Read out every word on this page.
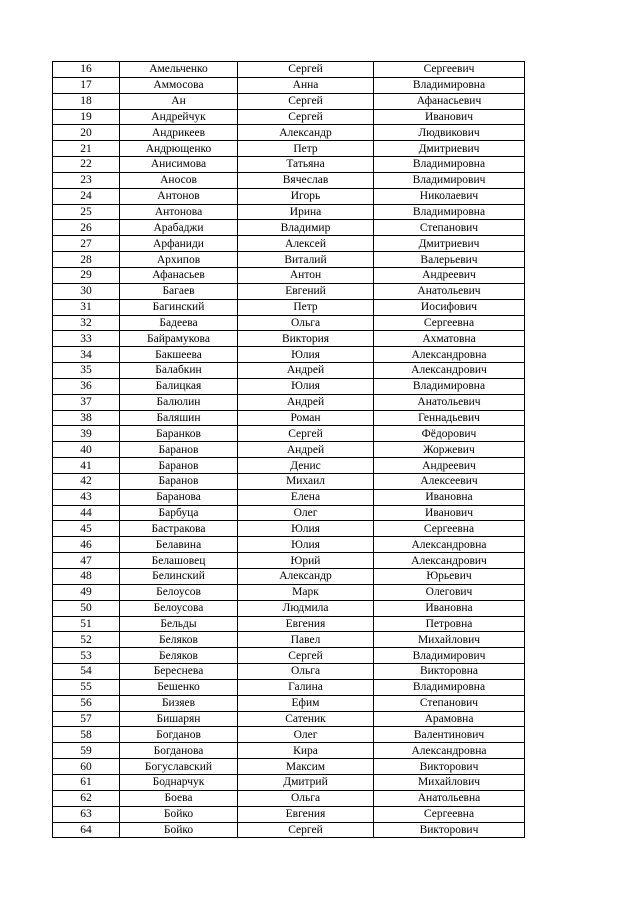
16	Амельченко	Сергей	Сергеевич
17	Аммосова	Анна	Владимировна
18	Ан	Сергей	Афанасьевич
19	Андрейчук	Сергей	Иванович
20	Андрикеев	Александр	Людвикович
21	Андрющенко	Петр	Дмитриевич
22	Анисимова	Татьяна	Владимировна
23	Аносов	Вячеслав	Владимирович
24	Антонов	Игорь	Николаевич
25	Антонова	Ирина	Владимировна
26	Арабаджи	Владимир	Степанович
27	Арфаниди	Алексей	Дмитриевич
28	Архипов	Виталий	Валерьевич
29	Афанасьев	Антон	Андреевич
30	Багаев	Евгений	Анатольевич
31	Багинский	Петр	Иосифович
32	Бадеева	Ольга	Сергеевна
33	Байрамукова	Виктория	Ахматовна
34	Бакшеева	Юлия	Александровна
35	Балабкин	Андрей	Александрович
36	Балицкая	Юлия	Владимировна
37	Балюлин	Андрей	Анатольевич
38	Баляшин	Роман	Геннадьевич
39	Баранков	Сергей	Фёдорович
40	Баранов	Андрей	Жоржевич
41	Баранов	Денис	Андреевич
42	Баранов	Михаил	Алексеевич
43	Баранова	Елена	Ивановна
44	Барбуца	Олег	Иванович
45	Бастракова	Юлия	Сергеевна
46	Белавина	Юлия	Александровна
47	Белашовец	Юрий	Александрович
48	Белинский	Александр	Юрьевич
49	Белоусов	Марк	Олегович
50	Белоусова	Людмила	Ивановна
51	Бельды	Евгения	Петровна
52	Беляков	Павел	Михайлович
53	Беляков	Сергей	Владимирович
54	Береснева	Ольга	Викторовна
55	Бешенко	Галина	Владимировна
56	Бизяев	Ефим	Степанович
57	Бишарян	Сатеник	Арамовна
58	Богданов	Олег	Валентинович
59	Богданова	Кира	Александровна
60	Богуславский	Максим	Викторович
61	Боднарчук	Дмитрий	Михайлович
62	Боева	Ольга	Анатольевна
63	Бойко	Евгения	Сергеевна
64	Бойко	Сергей	Викторович
